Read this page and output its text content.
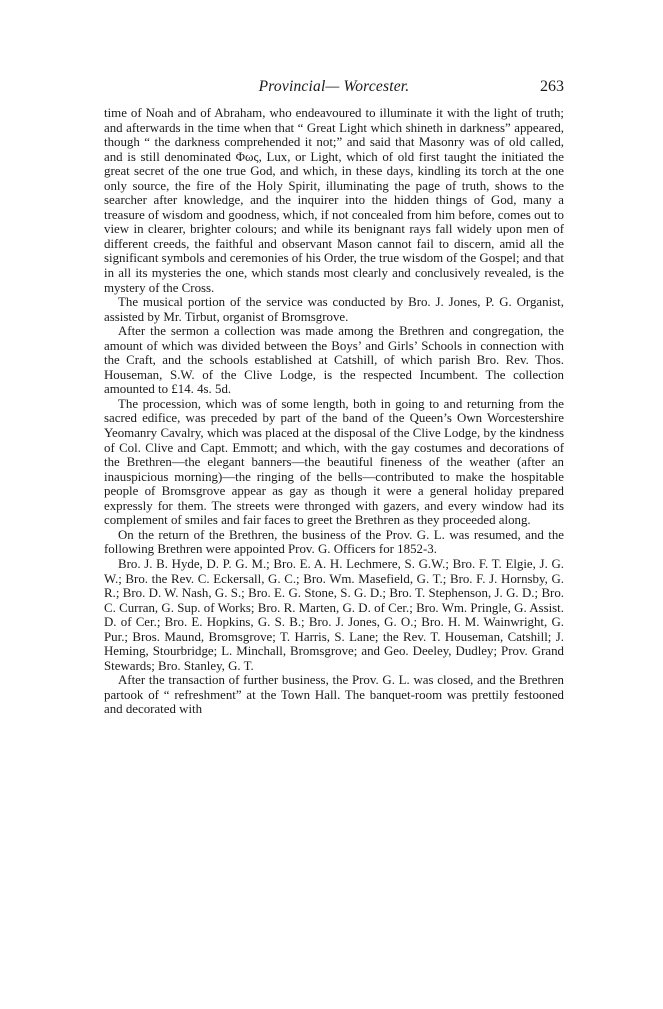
Provincial— Worcester.	263

time of Noah and of Abraham, who endeavoured to illuminate it with the light of truth; and afterwards in the time when that “ Great Light which shineth in darkness” appeared, though “ the darkness comprehended it not;” and said that Masonry was of old called, and is still denominated Φως, Lux, or Light, which of old first taught the initiated the great secret of the one true God, and which, in these days, kindling its torch at the one only source, the fire of the Holy Spirit, illuminating the page of truth, shows to the searcher after knowledge, and the inquirer into the hidden things of God, many a treasure of wisdom and goodness, which, if not concealed from him before, comes out to view in clearer, brighter colours; and while its benignant rays fall widely upon men of different creeds, the faithful and observant Mason cannot fail to discern, amid all the significant symbols and ceremonies of his Order, the true wisdom of the Gospel; and that in all its mysteries the one, which stands most clearly and conclusively revealed, is the mystery of the Cross.

The musical portion of the service was conducted by Bro. J. Jones, P. G. Organist, assisted by Mr. Tirbut, organist of Bromsgrove.

After the sermon a collection was made among the Brethren and congregation, the amount of which was divided between the Boys’ and Girls’ Schools in connection with the Craft, and the schools established at Catshill, of which parish Bro. Rev. Thos. Houseman, S.W. of the Clive Lodge, is the respected Incumbent. The collection amounted to £14. 4s. 5d.

The procession, which was of some length, both in going to and returning from the sacred edifice, was preceded by part of the band of the Queen’s Own Worcestershire Yeomanry Cavalry, which was placed at the disposal of the Clive Lodge, by the kindness of Col. Clive and Capt. Emmott; and which, with the gay costumes and decorations of the Brethren—the elegant banners—the beautiful fineness of the weather (after an inauspicious morning)—the ringing of the bells—contributed to make the hospitable people of Bromsgrove appear as gay as though it were a general holiday prepared expressly for them. The streets were thronged with gazers, and every window had its complement of smiles and fair faces to greet the Brethren as they proceeded along.

On the return of the Brethren, the business of the Prov. G. L. was resumed, and the following Brethren were appointed Prov. G. Officers for 1852-3.

Bro. J. B. Hyde, D. P. G. M.; Bro. E. A. H. Lechmere, S. G.W.; Bro. F. T. Elgie, J. G. W.; Bro. the Rev. C. Eckersall, G. C.; Bro. Wm. Masefield, G. T.; Bro. F. J. Hornsby, G. R.; Bro. D. W. Nash, G. S.; Bro. E. G. Stone, S. G. D.; Bro. T. Stephenson, J. G. D.; Bro. C. Curran, G. Sup. of Works; Bro. R. Marten, G. D. of Cer.; Bro. Wm. Pringle, G. Assist. D. of Cer.; Bro. E. Hopkins, G. S. B.; Bro. J. Jones, G. O.; Bro. H. M. Wainwright, G. Pur.; Bros. Maund, Bromsgrove; T. Harris, S. Lane; the Rev. T. Houseman, Catshill; J. Heming, Stourbridge; L. Minchall, Bromsgrove; and Geo. Deeley, Dudley; Prov. Grand Stewards; Bro. Stanley, G. T.

After the transaction of further business, the Prov. G. L. was closed, and the Brethren partook of “ refreshment” at the Town Hall. The banquet-room was prettily festooned and decorated with
